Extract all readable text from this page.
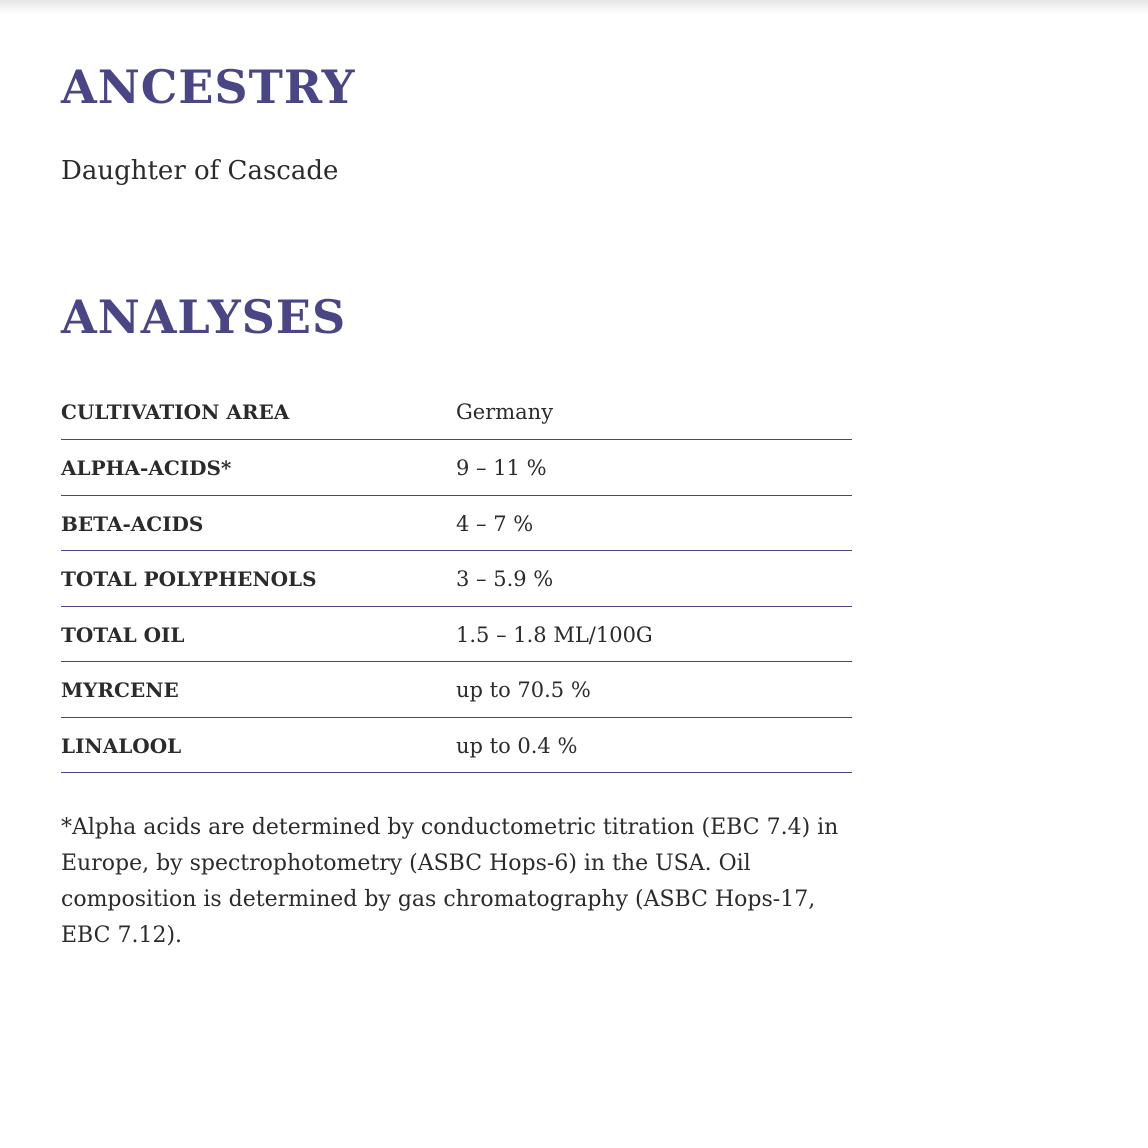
ANCESTRY

Daughter of Cascade

ANALYSES
CULTIVATION AREA	Germany
ALPHA-ACIDS*	9 – 11 %
BETA-ACIDS	4 – 7 %
TOTAL POLYPHENOLS	3 – 5.9 %
TOTAL OIL	1.5 – 1.8 ML/100G
MYRCENE	up to 70.5 %
LINALOOL	up to 0.4 %

*Alpha acids are determined by conductometric titration (EBC 7.4) in Europe, by spectrophotometry (ASBC Hops-6) in the USA. Oil composition is determined by gas chromatography (ASBC Hops-17, EBC 7.12).
